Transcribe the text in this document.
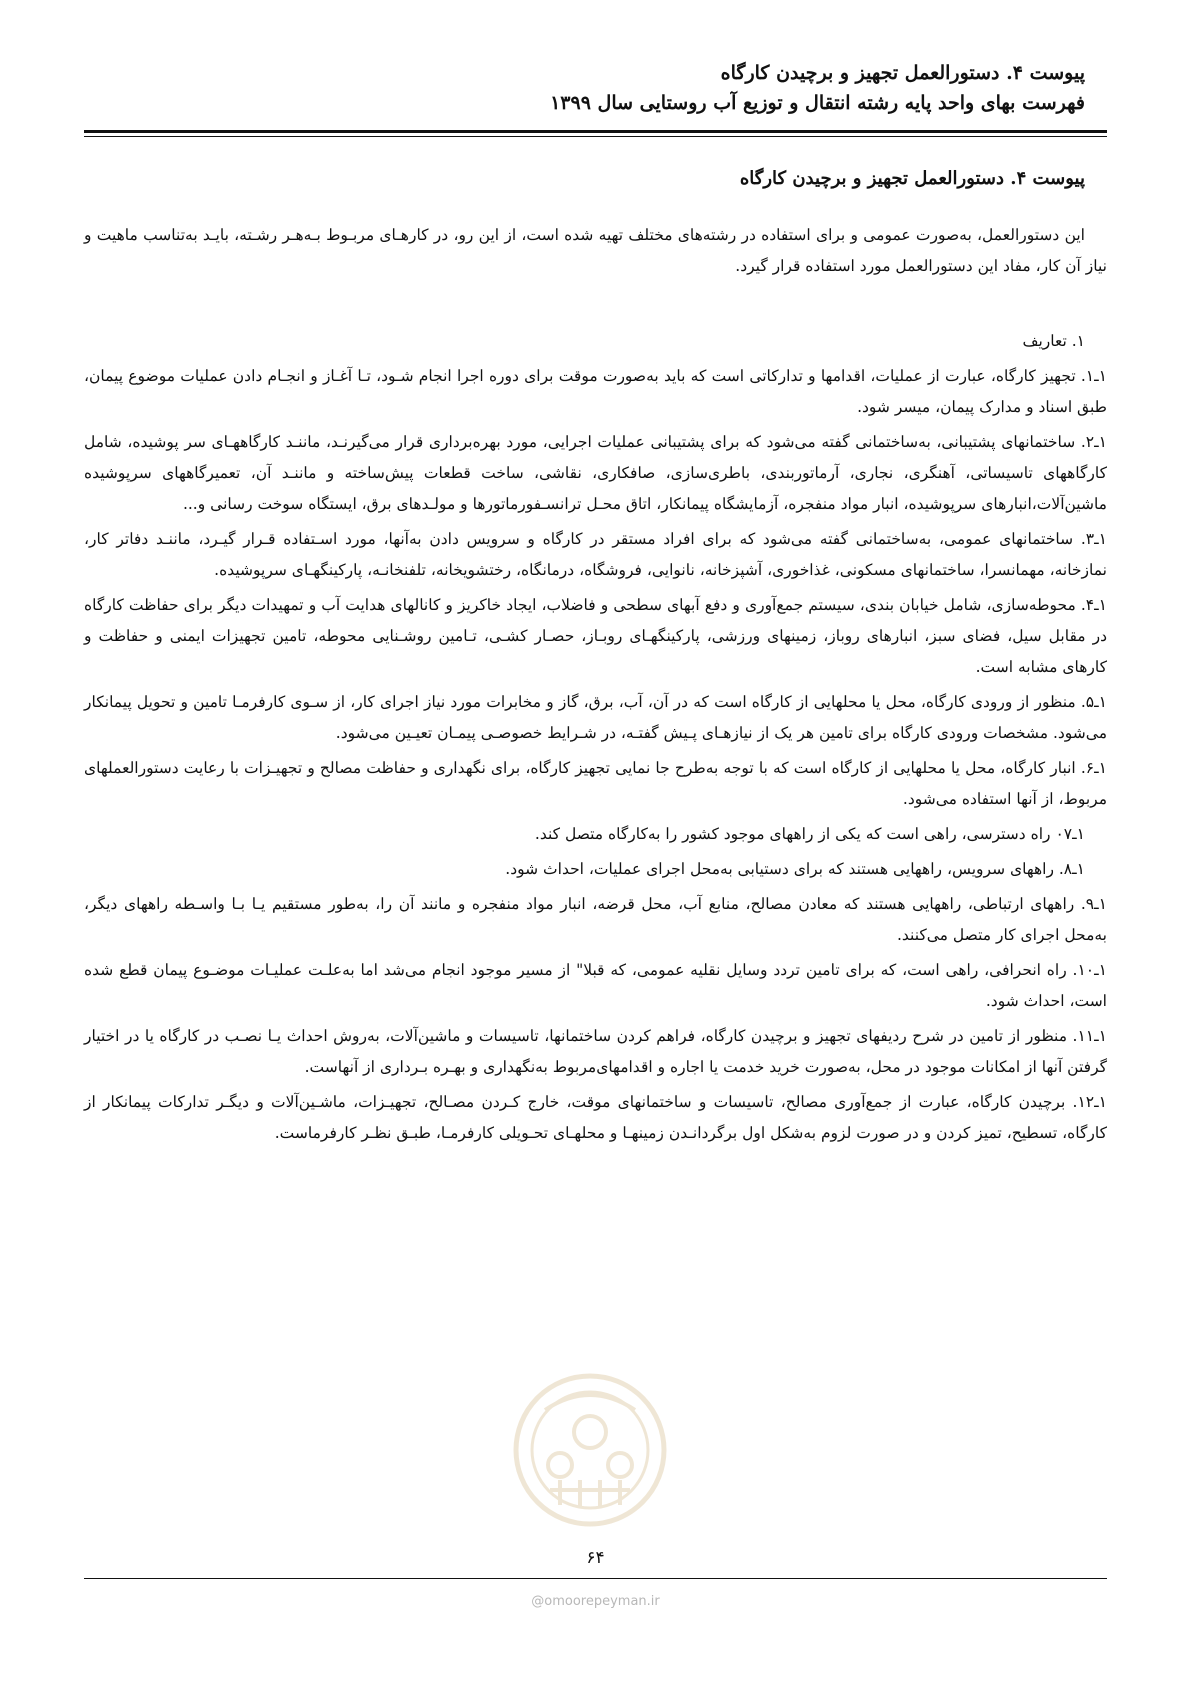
پیوست ۴. دستورالعمل تجهیز و برچیدن کارگاه
فهرست بهای واحد پایه رشته انتقال و توزیع آب روستایی سال ۱۳۹۹
پیوست ۴. دستورالعمل تجهیز و برچیدن کارگاه

این دستورالعمل، به‌صورت عمومی و برای استفاده در رشته‌های مختلف تهیه شده است، از این رو، در کارهـای مربـوط بـه‌هـر رشـته، بایـد به‌تناسب ماهیت و نیاز آن کار، مفاد این دستورالعمل مورد استفاده قرار گیرد.

۱. تعاریف

۱ـ۱. تجهیز کارگاه، عبارت از عملیات، اقدامها و تدارکاتی است که باید به‌صورت موقت برای دوره اجرا انجام شـود، تـا آغـاز و انجـام دادن عملیات موضوع پیمان، طبق اسناد و مدارک پیمان، میسر شود.

۱ـ۲. ساختمانهای پشتیبانی، به‌ساختمانی گفته می‌شود که برای پشتیبانی عملیات اجرایی، مورد بهره‌برداری قرار می‌گیرنـد، ماننـد کارگاههـای سر پوشیده، شامل کارگاههای تاسیساتی، آهنگری، نجاری، آرماتوربندی، باطری‌سازی، صافکاری، نقاشی، ساخت قطعات پیش‌ساخته و ماننـد آن، تعمیرگاههای سرپوشیده ماشین‌آلات،انبارهای سرپوشیده، انبار مواد منفجره، آزمایشگاه پیمانکار، اتاق محـل ترانسـفورماتورها و مولـدهای برق، ایستگاه سوخت رسانی و...

۱ـ۳. ساختمانهای عمومی، به‌ساختمانی گفته می‌شود که برای افراد مستقر در کارگاه و سرویس دادن به‌آنها، مورد اسـتفاده قـرار گیـرد، ماننـد دفاتر کار، نمازخانه، مهمانسرا، ساختمانهای مسکونی، غذاخوری، آشپزخانه، نانوایی، فروشگاه، درمانگاه، رختشویخانه، تلفنخانـه، پارکینگهـای سرپوشیده.

۱ـ۴. محوطه‌سازی، شامل خیابان بندی، سیستم جمع‌آوری و دفع آبهای سطحی و فاضلاب، ایجاد خاکریز و کانالهای هدایت آب و تمهیدات دیگر برای حفاظت کارگاه در مقابل سیل، فضای سبز، انبارهای روباز، زمینهای ورزشی، پارکینگهـای روبـاز، حصـار کشـی، تـامین روشـنایی محوطه، تامین تجهیزات ایمنی و حفاظت و کارهای مشابه است.

۱ـ۵. منظور از ورودی کارگاه، محل یا محلهایی از کارگاه است که در آن، آب، برق، گاز و مخابرات مورد نیاز اجرای کار، از سـوی کارفرمـا تامین و تحویل پیمانکار می‌شود. مشخصات ورودی کارگاه برای تامین هر یک از نیازهـای پـیش گفتـه، در شـرایط خصوصـی پیمـان تعیـین می‌شود.

۱ـ۶. انبار کارگاه، محل یا محلهایی از کارگاه است که با توجه به‌طرح جا نمایی تجهیز کارگاه، برای نگهداری و حفاظت مصالح و تجهیـزات با رعایت دستورالعملهای مربوط، از آنها استفاده می‌شود.

۱ـ۰۷ راه دسترسی، راهی است که یکی از راههای موجود کشور را به‌کارگاه متصل کند.

۱ـ۸. راههای سرویس، راههایی هستند که برای دستیابی به‌محل اجرای عملیات، احداث شود.

۱ـ۹. راههای ارتباطی، راههایی هستند که معادن مصالح، منابع آب، محل قرضه، انبار مواد منفجره و مانند آن را، به‌طور مستقیم یـا بـا واسـطه راههای دیگر، به‌محل اجرای کار متصل می‌کنند.

۱ـ۱۰. راه انحرافی، راهی است، که برای تامین تردد وسایل نقلیه عمومی، که قبلا" از مسیر موجود انجام می‌شد اما به‌علـت عملیـات موضـوع پیمان قطع شده است، احداث شود.

۱ـ۱۱. منظور از تامین در شرح ردیفهای تجهیز و برچیدن کارگاه، فراهم کردن ساختمانها، تاسیسات و ماشین‌آلات، به‌روش احداث یـا نصـب در کارگاه یا در اختیار گرفتن آنها از امکانات موجود در محل، به‌صورت خرید خدمت یا اجاره و اقدامهای‌مربوط به‌نگهداری و بهـره بـرداری از آنهاست.

۱ـ۱۲. برچیدن کارگاه، عبارت از جمع‌آوری مصالح، تاسیسات و ساختمانهای موقت، خارج کـردن مصـالح، تجهیـزات، ماشـین‌آلات و دیگـر تدارکات پیمانکار از کارگاه، تسطیح، تمیز کردن و در صورت لزوم به‌شکل اول برگردانـدن زمینهـا و محلهـای تحـویلی کارفرمـا، طبـق نظـر کارفرماست.

۶۴
@omoorepeyman.ir
